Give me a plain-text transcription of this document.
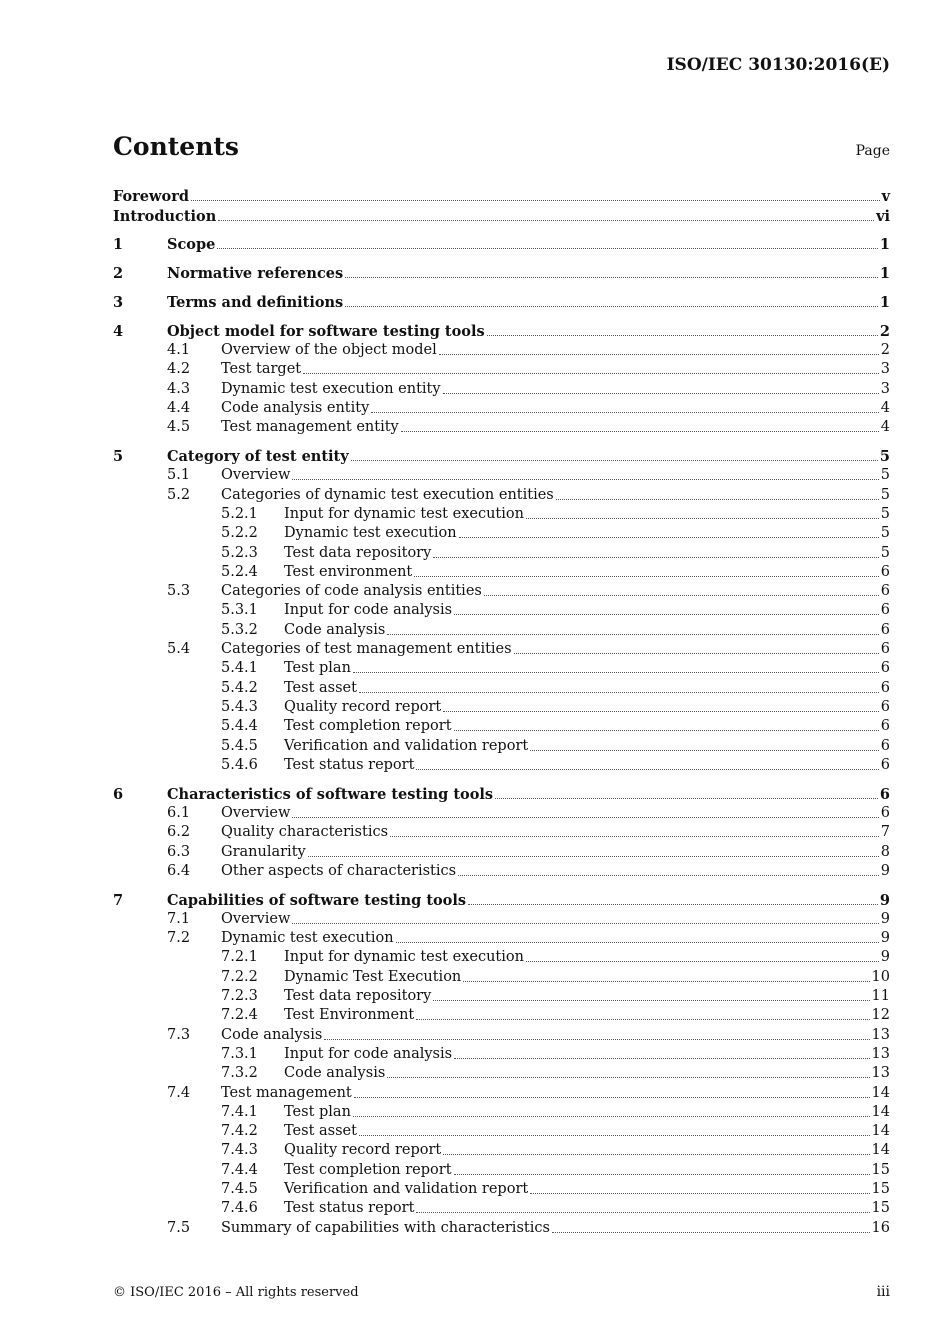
ISO/IEC 30130:2016(E)
Contents	Page
Foreword	v
Introduction	vi
1	Scope	1
2	Normative references	1
3	Terms and definitions	1
4	Object model for software testing tools	2
4.1	Overview of the object model	2
4.2	Test target	3
4.3	Dynamic test execution entity	3
4.4	Code analysis entity	4
4.5	Test management entity	4
5	Category of test entity	5
5.1	Overview	5
5.2	Categories of dynamic test execution entities	5
5.2.1	Input for dynamic test execution	5
5.2.2	Dynamic test execution	5
5.2.3	Test data repository	5
5.2.4	Test environment	6
5.3	Categories of code analysis entities	6
5.3.1	Input for code analysis	6
5.3.2	Code analysis	6
5.4	Categories of test management entities	6
5.4.1	Test plan	6
5.4.2	Test asset	6
5.4.3	Quality record report	6
5.4.4	Test completion report	6
5.4.5	Verification and validation report	6
5.4.6	Test status report	6
6	Characteristics of software testing tools	6
6.1	Overview	6
6.2	Quality characteristics	7
6.3	Granularity	8
6.4	Other aspects of characteristics	9
7	Capabilities of software testing tools	9
7.1	Overview	9
7.2	Dynamic test execution	9
7.2.1	Input for dynamic test execution	9
7.2.2	Dynamic Test Execution	10
7.2.3	Test data repository	11
7.2.4	Test Environment	12
7.3	Code analysis	13
7.3.1	Input for code analysis	13
7.3.2	Code analysis	13
7.4	Test management	14
7.4.1	Test plan	14
7.4.2	Test asset	14
7.4.3	Quality record report	14
7.4.4	Test completion report	15
7.4.5	Verification and validation report	15
7.4.6	Test status report	15
7.5	Summary of capabilities with characteristics	16
© ISO/IEC 2016 – All rights reserved	iii
